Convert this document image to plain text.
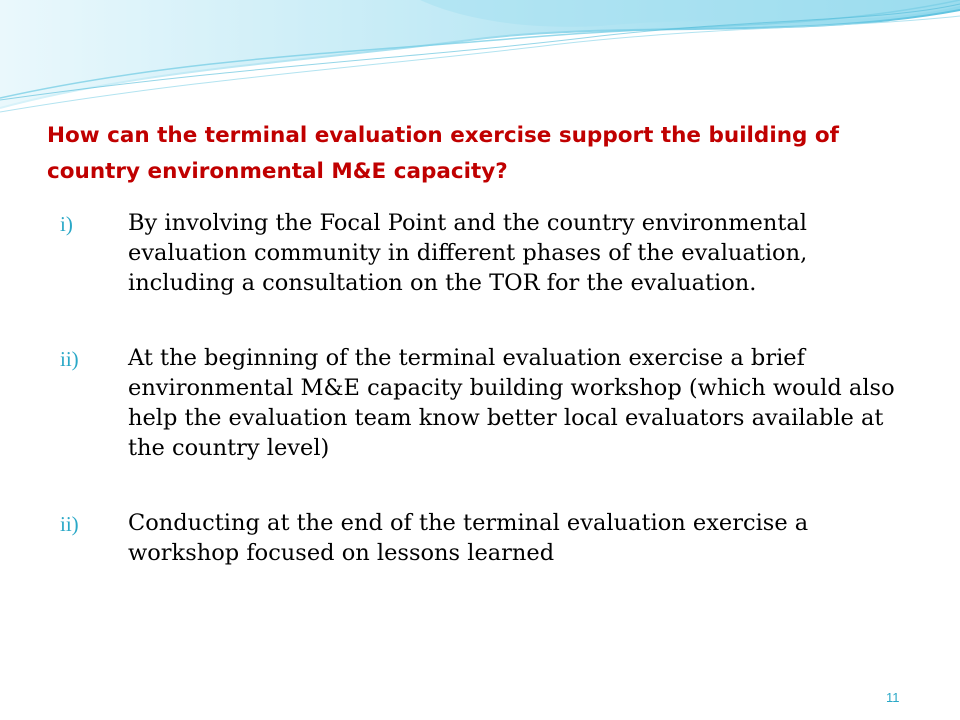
How can the terminal evaluation exercise support the building of country environmental M&E capacity?
i)	By involving the Focal Point and the country environmental evaluation community in different phases of the evaluation, including a consultation on the TOR for the evaluation.
ii)	At the beginning of the terminal evaluation exercise a brief environmental M&E capacity building workshop (which would also help the evaluation team know better local evaluators available at the country level)
ii)	Conducting at the end of the terminal evaluation exercise a workshop focused on lessons learned
11
